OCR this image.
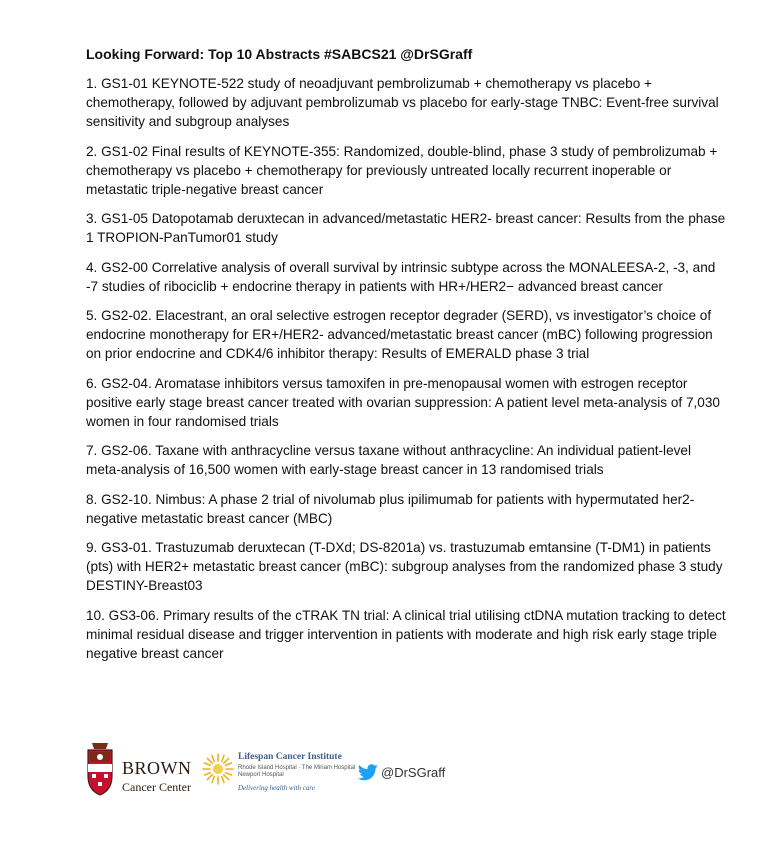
Looking Forward: Top 10 Abstracts #SABCS21 @DrSGraff
1. GS1-01 KEYNOTE-522 study of neoadjuvant pembrolizumab + chemotherapy vs placebo + chemotherapy, followed by adjuvant pembrolizumab vs placebo for early-stage TNBC: Event-free survival sensitivity and subgroup analyses
2. GS1-02 Final results of KEYNOTE-355: Randomized, double-blind, phase 3 study of pembrolizumab + chemotherapy vs placebo + chemotherapy for previously untreated locally recurrent inoperable or metastatic triple-negative breast cancer
3. GS1-05 Datopotamab deruxtecan in advanced/metastatic HER2- breast cancer: Results from the phase 1 TROPION-PanTumor01 study
4. GS2-00 Correlative analysis of overall survival by intrinsic subtype across the MONALEESA-2, -3, and -7 studies of ribociclib + endocrine therapy in patients with HR+/HER2− advanced breast cancer
5. GS2-02. Elacestrant, an oral selective estrogen receptor degrader (SERD), vs investigator’s choice of endocrine monotherapy for ER+/HER2- advanced/metastatic breast cancer (mBC) following progression on prior endocrine and CDK4/6 inhibitor therapy: Results of EMERALD phase 3 trial
6. GS2-04. Aromatase inhibitors versus tamoxifen in pre-menopausal women with estrogen receptor positive early stage breast cancer treated with ovarian suppression: A patient level meta-analysis of 7,030 women in four randomised trials
7. GS2-06. Taxane with anthracycline versus taxane without anthracycline: An individual patient-level meta-analysis of 16,500 women with early-stage breast cancer in 13 randomised trials
8. GS2-10. Nimbus: A phase 2 trial of nivolumab plus ipilimumab for patients with hypermutated her2-negative metastatic breast cancer (MBC)
9. GS3-01. Trastuzumab deruxtecan (T-DXd; DS-8201a) vs. trastuzumab emtansine (T-DM1) in patients (pts) with HER2+ metastatic breast cancer (mBC): subgroup analyses from the randomized phase 3 study DESTINY-Breast03
10. GS3-06. Primary results of the cTRAK TN trial: A clinical trial utilising ctDNA mutation tracking to detect minimal residual disease and trigger intervention in patients with moderate and high risk early stage triple negative breast cancer
BROWN
Cancer Center
Lifespan Cancer Institute
Rhode Island Hospital · The Miriam Hospital
Newport Hospital
Delivering health with care
@DrSGraff
